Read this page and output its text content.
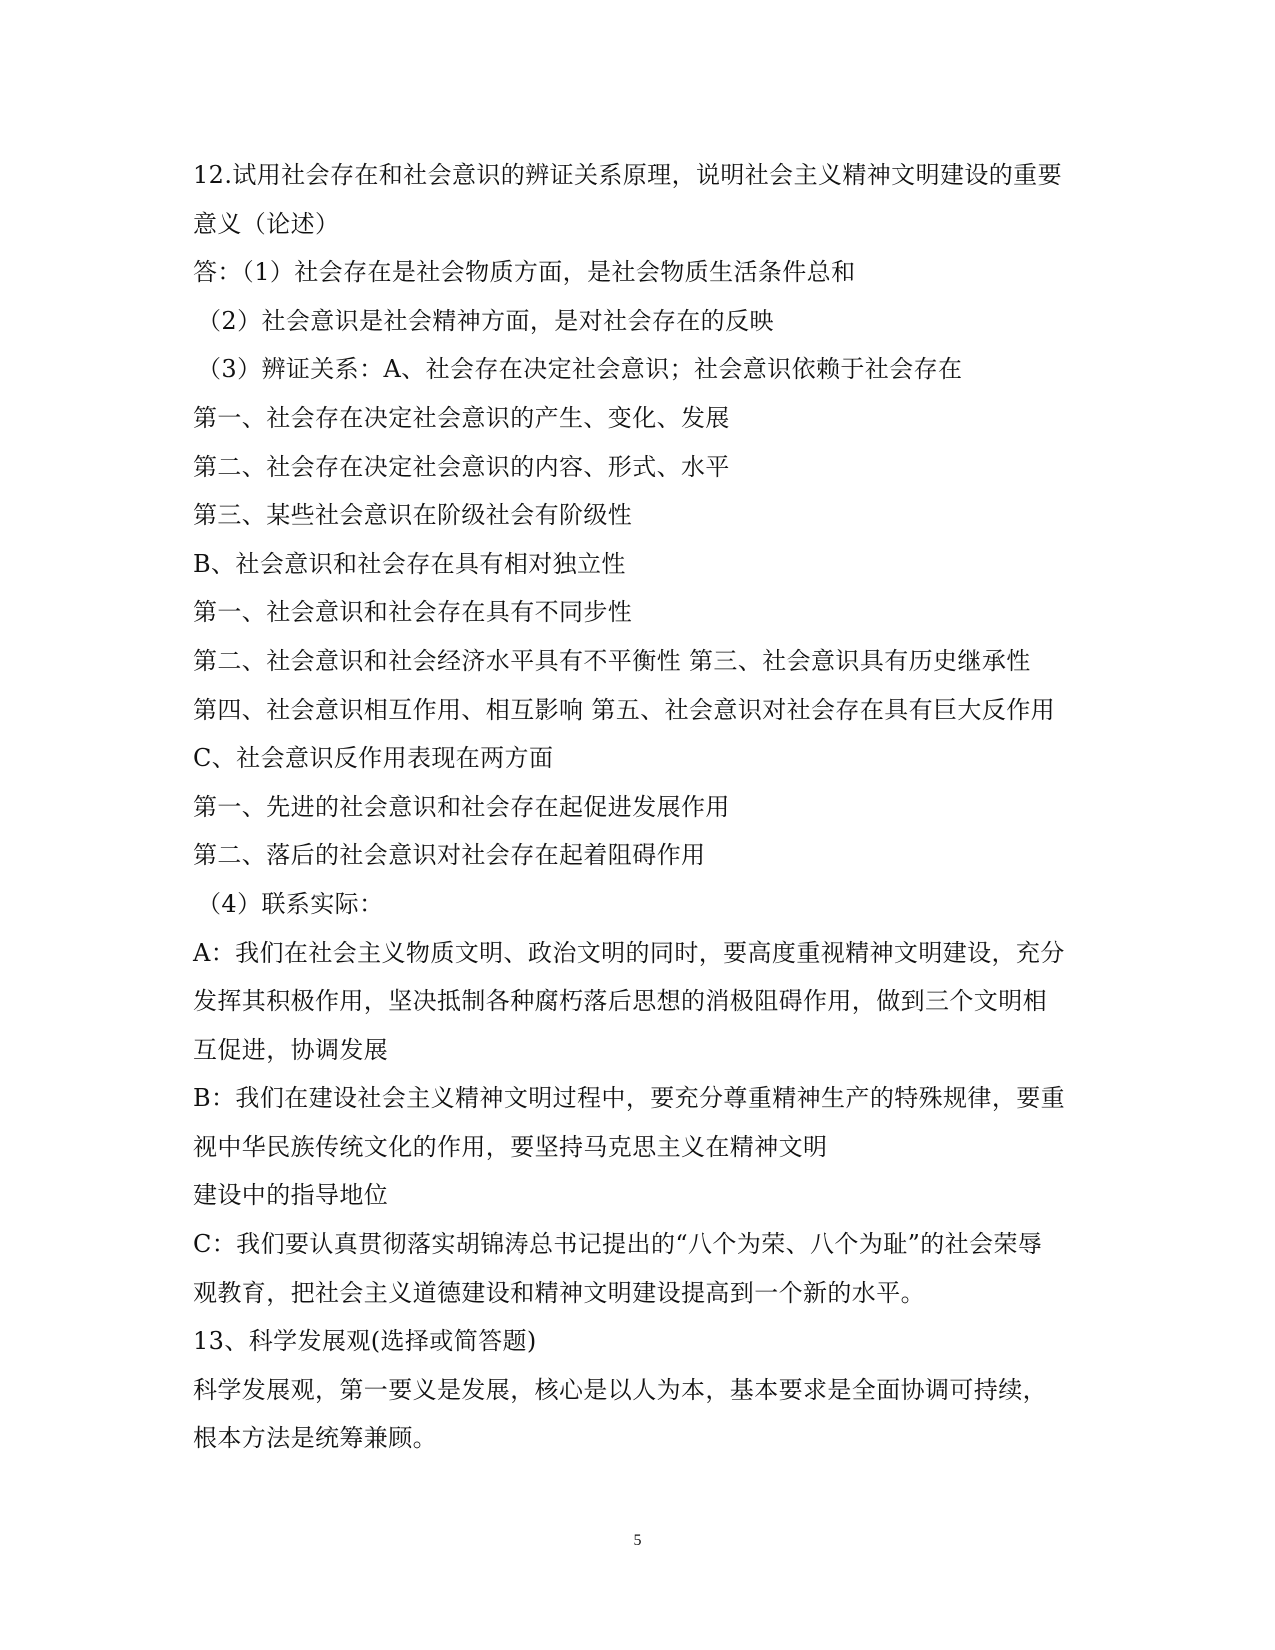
12.试用社会存在和社会意识的辨证关系原理，说明社会主义精神文明建设的重要
意义（论述）
答：（1）社会存在是社会物质方面，是社会物质生活条件总和
（2）社会意识是社会精神方面，是对社会存在的反映
（3）辨证关系：A、社会存在决定社会意识；社会意识依赖于社会存在
第一、社会存在决定社会意识的产生、变化、发展
第二、社会存在决定社会意识的内容、形式、水平
第三、某些社会意识在阶级社会有阶级性
B、社会意识和社会存在具有相对独立性
第一、社会意识和社会存在具有不同步性
第二、社会意识和社会经济水平具有不平衡性 第三、社会意识具有历史继承性
第四、社会意识相互作用、相互影响 第五、社会意识对社会存在具有巨大反作用
C、社会意识反作用表现在两方面
第一、先进的社会意识和社会存在起促进发展作用
第二、落后的社会意识对社会存在起着阻碍作用
（4）联系实际：
A：我们在社会主义物质文明、政治文明的同时，要高度重视精神文明建设，充分
发挥其积极作用，坚决抵制各种腐朽落后思想的消极阻碍作用，做到三个文明相
互促进，协调发展
B：我们在建设社会主义精神文明过程中，要充分尊重精神生产的特殊规律，要重
视中华民族传统文化的作用，要坚持马克思主义在精神文明
建设中的指导地位
C：我们要认真贯彻落实胡锦涛总书记提出的“八个为荣、八个为耻”的社会荣辱
观教育，把社会主义道德建设和精神文明建设提高到一个新的水平。
13、科学发展观(选择或简答题)
科学发展观，第一要义是发展，核心是以人为本，基本要求是全面协调可持续，
根本方法是统筹兼顾。
5
